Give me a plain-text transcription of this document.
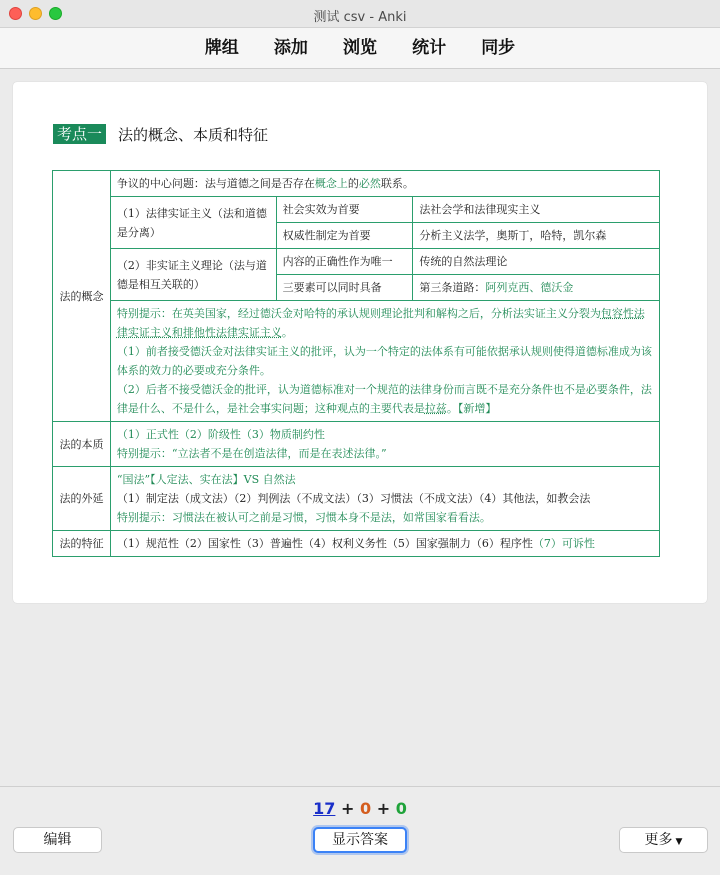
测试 csv - Anki
牌组 添加 浏览 统计 同步
考点一 法的概念、本质和特征
法的概念	争议的中心问题：法与道德之间是否存在概念上的必然联系。		
	（1）法律实证主义（法和道德是分离）	社会实效为首要	法社会学和法律现实主义
		权威性制定为首要	分析主义法学，奥斯丁，哈特，凯尔森
	（2）非实证主义理论（法与道德是相互关联的）	内容的正确性作为唯一	传统的自然法理论
		三要素可以同时具备	第三条道路：阿列克西、德沃金

	特别提示：在英美国家，经过德沃金对哈特的承认规则理论批判和解构之后，分析法实证主义分裂为包容性法律实证主义和排他性法律实证主义。
（1）前者接受德沃金对法律实证主义的批评，认为一个特定的法体系有可能依据承认规则使得道德标准成为该体系的效力的必要或充分条件。
（2）后者不接受德沃金的批评，认为道德标准对一个规范的法律身份而言既不是充分条件也不是必要条件，法律是什么、不是什么，是社会事实问题；这种观点的主要代表是拉兹。【新增】		

法的本质	（1）正式性（2）阶级性（3）物质制约性
特别提示：“立法者不是在创造法律，而是在表述法律。”		

法的外延	“国法”【人定法、实在法】VS 自然法
（1）制定法（成文法）（2）判例法（不成文法）（3）习惯法（不成文法）（4）其他法，如教会法
特别提示：习惯法在被认可之前是习惯，习惯本身不是法，如常国家看看法。		

法的特征	（1）规范性（2）国家性（3）普遍性（4）权利义务性（5）国家强制力（6）程序性（7）可诉性		
17 + 0 + 0
编辑	显示答案	更多 ▼
